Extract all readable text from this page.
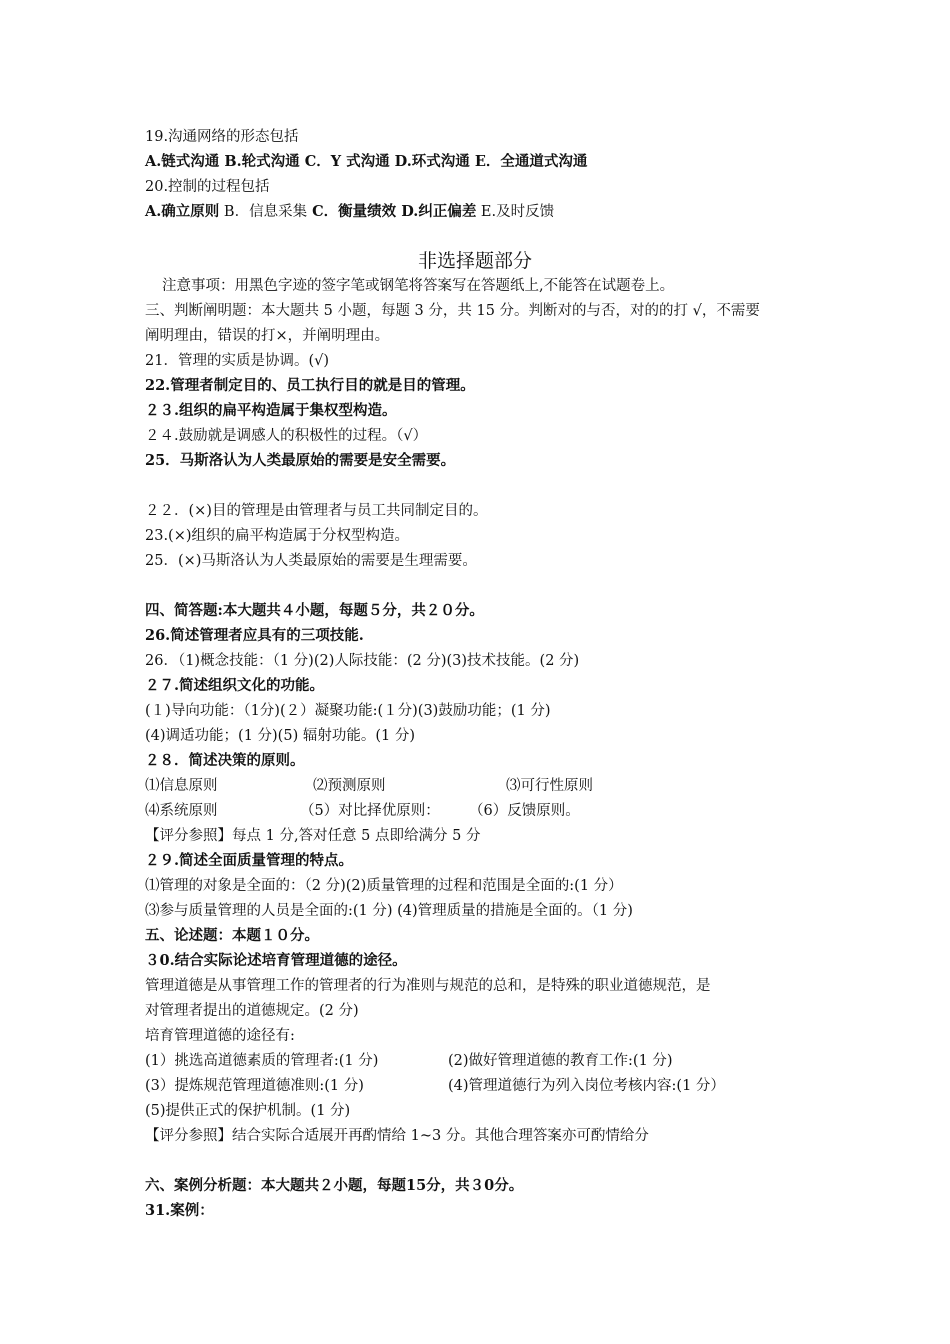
19.沟通网络的形态包括
A.链式沟通 B.轮式沟通 C．Y 式沟通 D.环式沟通 E．全通道式沟通
20.控制的过程包括
A.确立原则 B．信息采集 C．衡量绩效 D.纠正偏差 E.及时反馈
非选择题部分
注意事项：用黑色字迹的签字笔或钢笔将答案写在答题纸上,不能答在试题卷上。
三、判断阐明题：本大题共 5 小题，每题 3 分，共 15 分。判断对的与否，对的的打 √，不需要
阐明理由，错误的打×，并阐明理由。
21．管理的实质是协调。(√)
22.管理者制定目的、员工执行目的就是目的管理。
２３.组织的扁平构造属于集权型构造。
２４.鼓励就是调感人的积极性的过程。（√）
25．马斯洛认为人类最原始的需要是安全需要。
２２．(×)目的管理是由管理者与员工共同制定目的。
23.(×)组织的扁平构造属于分权型构造。
25．(×)马斯洛认为人类最原始的需要是生理需要。
四、简答题:本大题共４小题，每题５分，共２０分。
26.简述管理者应具有的三项技能.
26．（1)概念技能：（1 分)(2)人际技能：(2 分)(3)技术技能。(2 分)
２７.简述组织文化的功能。
(１)导向功能：（1分)(２）凝聚功能:(１分)(3)鼓励功能；(1 分)
(4)调适功能；(1 分)(5) 辐射功能。(1 分)
２８．简述决策的原则。
⑴信息原则	⑵预测原则	⑶可行性原则
⑷系统原则	（5）对比择优原则： （6）反馈原则。
【评分参照】每点 1 分,答对任意 5 点即给满分 5 分
２９.简述全面质量管理的特点。
⑴管理的对象是全面的：（2 分)(2)质量管理的过程和范围是全面的:(1 分）
⑶参与质量管理的人员是全面的:(1 分) (4)管理质量的措施是全面的。（1 分)
五、论述题：本题１０分。
３0.结合实际论述培育管理道德的途径。
管理道德是从事管理工作的管理者的行为准则与规范的总和，是特殊的职业道德规范，是
对管理者提出的道德规定。(2 分)
培育管理道德的途径有:
(1）挑选高道德素质的管理者:(1 分)	(2)做好管理道德的教育工作:(1 分)
(3）提炼规范管理道德准则:(1 分)	(4)管理道德行为列入岗位考核内容:(1 分）
(5)提供正式的保护机制。(1 分)
【评分参照】结合实际合适展开再酌情给 1~3 分。其他合理答案亦可酌情给分
六、案例分析题：本大题共２小题，每题15分，共３0分。
31.案例：
